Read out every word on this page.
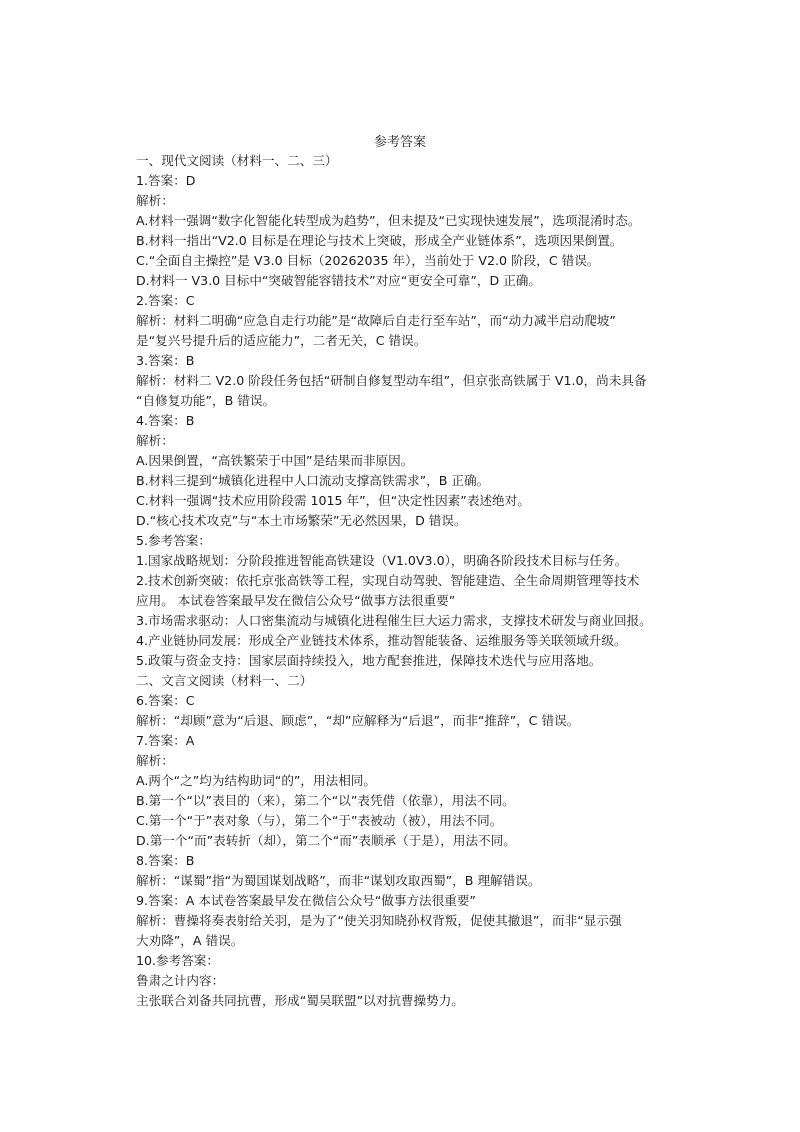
参考答案
一、现代文阅读（材料一、二、三）
1.答案：D
解析：
A.材料一强调“数字化智能化转型成为趋势”，但未提及“已实现快速发展”，选项混淆时态。
B.材料一指出“V2.0 目标是在理论与技术上突破，形成全产业链体系”，选项因果倒置。
C.“全面自主操控”是 V3.0 目标（20262035 年），当前处于 V2.0 阶段，C 错误。
D.材料一 V3.0 目标中“突破智能容错技术”对应“更安全可靠”，D 正确。
2.答案：C
解析：材料二明确“应急自走行功能”是“故障后自走行至车站”，而“动力减半启动爬坡”
是“复兴号提升后的适应能力”，二者无关，C 错误。
3.答案：B
解析：材料二 V2.0 阶段任务包括“研制自修复型动车组”，但京张高铁属于 V1.0，尚未具备
“自修复功能”，B 错误。
4.答案：B
解析：
A.因果倒置，“高铁繁荣于中国”是结果而非原因。
B.材料三提到“城镇化进程中人口流动支撑高铁需求”，B 正确。
C.材料一强调“技术应用阶段需 1015 年”，但“决定性因素”表述绝对。
D.“核心技术攻克”与“本土市场繁荣”无必然因果，D 错误。
5.参考答案：
1.国家战略规划：分阶段推进智能高铁建设（V1.0V3.0），明确各阶段技术目标与任务。
2.技术创新突破：依托京张高铁等工程，实现自动驾驶、智能建造、全生命周期管理等技术
应用。 本试卷答案最早发在微信公众号“做事方法很重要”
3.市场需求驱动：人口密集流动与城镇化进程催生巨大运力需求，支撑技术研发与商业回报。
4.产业链协同发展：形成全产业链技术体系，推动智能装备、运维服务等关联领域升级。
5.政策与资金支持：国家层面持续投入，地方配套推进，保障技术迭代与应用落地。
二、文言文阅读（材料一、二）
6.答案：C
解析：“却顾”意为“后退、顾虑”，“却”应解释为“后退”，而非“推辞”，C 错误。
7.答案：A
解析：
A.两个“之”均为结构助词“的”，用法相同。
B.第一个“以”表目的（来），第二个“以”表凭借（依靠），用法不同。
C.第一个“于”表对象（与），第二个“于”表被动（被），用法不同。
D.第一个“而”表转折（却），第二个“而”表顺承（于是），用法不同。
8.答案：B
解析：“谋蜀”指“为蜀国谋划战略”，而非“谋划攻取西蜀”，B 理解错误。
9.答案：A 本试卷答案最早发在微信公众号“做事方法很重要”
解析：曹操将奏表射给关羽，是为了“使关羽知晓孙权背叛，促使其撤退”，而非“显示强
大劝降”，A 错误。
10.参考答案：
鲁肃之计内容：
主张联合刘备共同抗曹，形成“蜀吴联盟”以对抗曹操势力。
